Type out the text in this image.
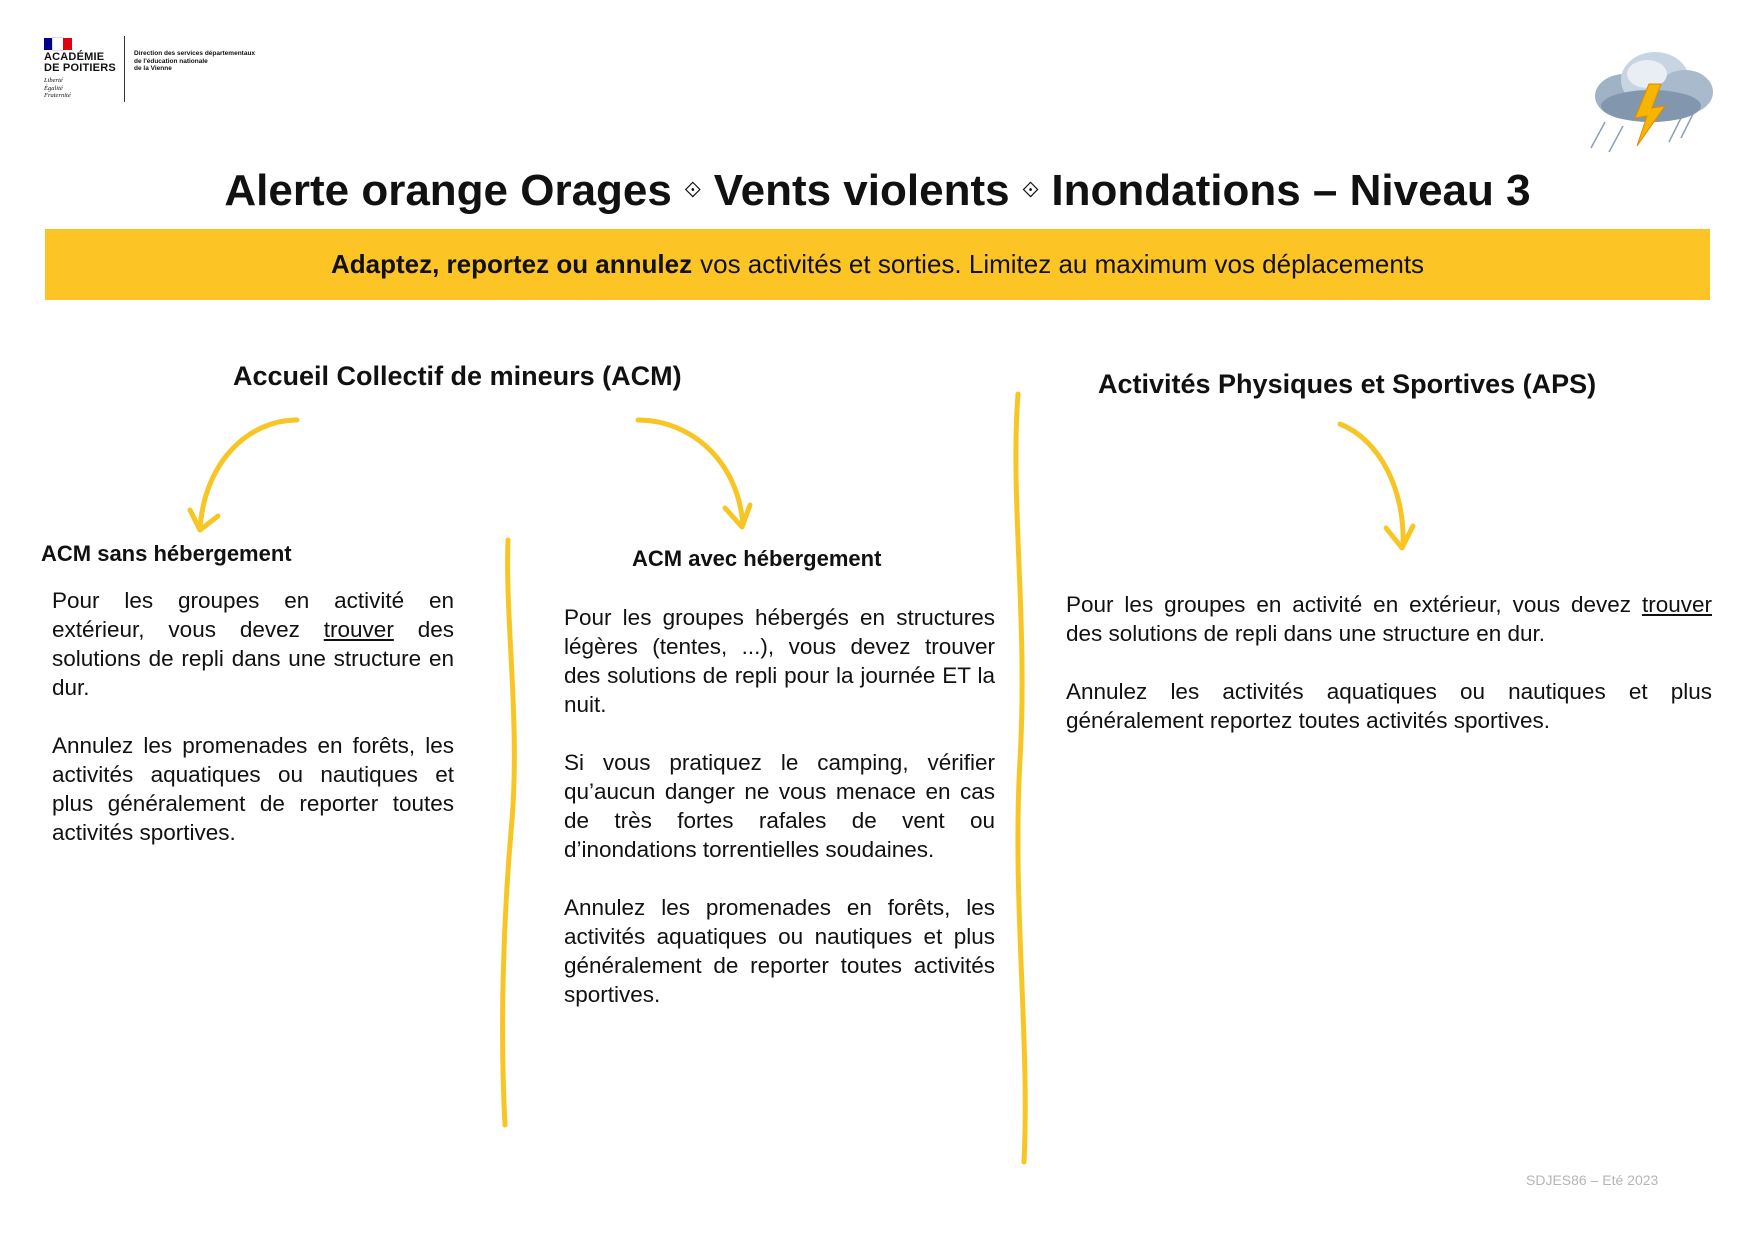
ACADÉMIE
DE POITIERS
Liberté
Égalité
Fraternité
Direction des services départementaux
de l'éducation nationale
de la Vienne
Alerte orange Orages ⟐ Vents violents ⟐ Inondations – Niveau 3
Adaptez, reportez ou annulez vos activités et sorties. Limitez au maximum vos déplacements
Accueil Collectif de mineurs (ACM)	Activités Physiques et Sportives (APS)
ACM sans hébergement

Pour les groupes en activité en extérieur, vous devez trouver des solutions de repli dans une structure en dur.

Annulez les promenades en forêts, les activités aquatiques ou nautiques et plus généralement de reporter toutes activités sportives.

ACM avec hébergement

Pour les groupes hébergés en structures légères (tentes, ...), vous devez trouver des solutions de repli pour la journée ET la nuit.

Si vous pratiquez le camping, vérifier qu’aucun danger ne vous menace en cas de très fortes rafales de vent ou d’inondations torrentielles soudaines.

Annulez les promenades en forêts, les activités aquatiques ou nautiques et plus généralement de reporter toutes activités sportives.

Pour les groupes en activité en extérieur, vous devez trouver des solutions de repli dans une structure en dur.

Annulez les activités aquatiques ou nautiques et plus généralement reportez toutes activités sportives.

SDJES86 – Eté 2023
